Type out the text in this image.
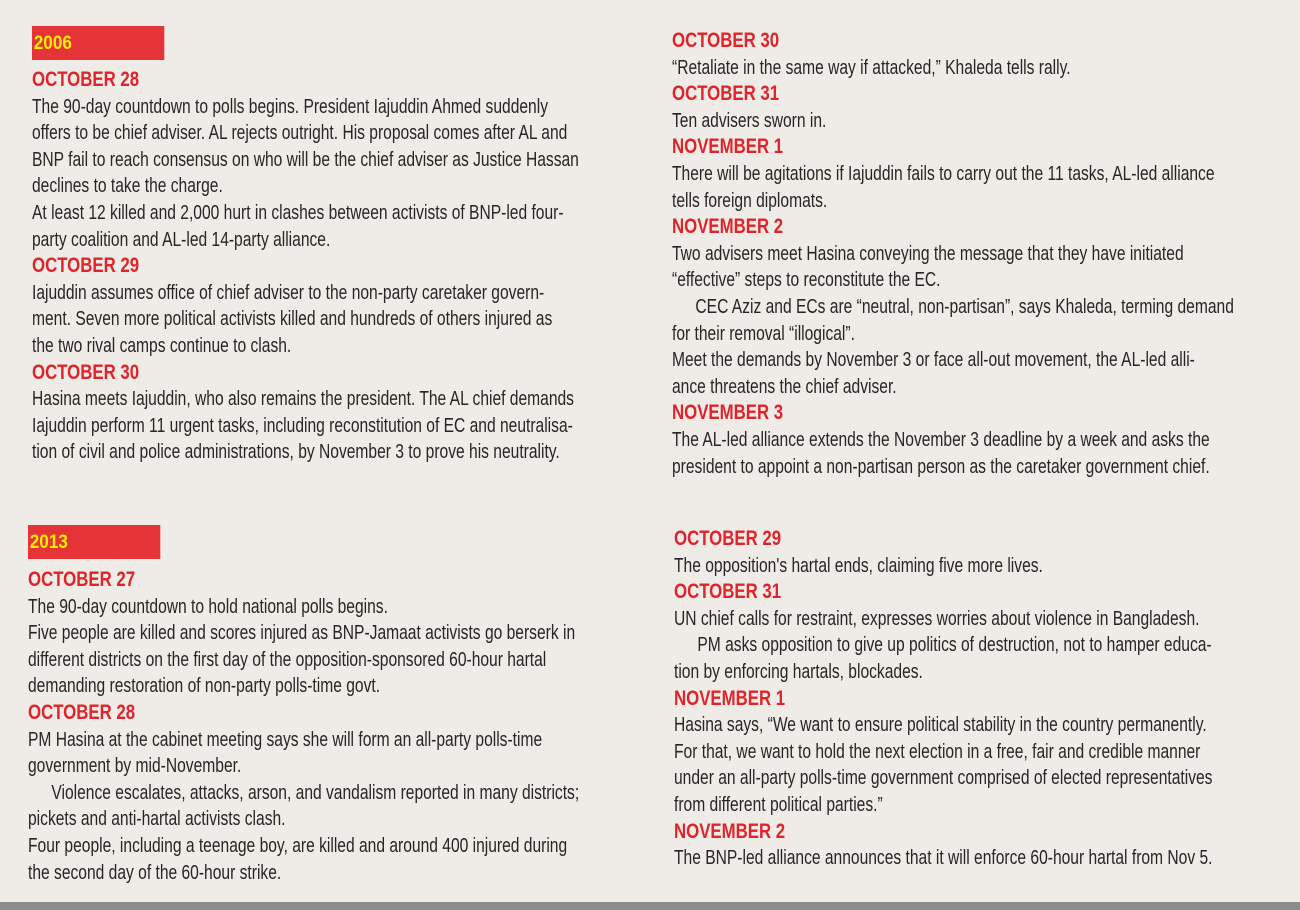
2006
OCTOBER 28
The 90-day countdown to polls begins. President Iajuddin Ahmed suddenly
offers to be chief adviser. AL rejects outright. His proposal comes after AL and
BNP fail to reach consensus on who will be the chief adviser as Justice Hassan
declines to take the charge.
At least 12 killed and 2,000 hurt in clashes between activists of BNP-led four-
party coalition and AL-led 14-party alliance.
OCTOBER 29
Iajuddin assumes office of chief adviser to the non-party caretaker govern-
ment. Seven more political activists killed and hundreds of others injured as
the two rival camps continue to clash.
OCTOBER 30
Hasina meets Iajuddin, who also remains the president. The AL chief demands
Iajuddin perform 11 urgent tasks, including reconstitution of EC and neutralisa-
tion of civil and police administrations, by November 3 to prove his neutrality.
OCTOBER 30
“Retaliate in the same way if attacked,” Khaleda tells rally.
OCTOBER 31
Ten advisers sworn in.
NOVEMBER 1
There will be agitations if Iajuddin fails to carry out the 11 tasks, AL-led alliance
tells foreign diplomats.
NOVEMBER 2
Two advisers meet Hasina conveying the message that they have initiated
“effective” steps to reconstitute the EC.
CEC Aziz and ECs are “neutral, non-partisan”, says Khaleda, terming demand
for their removal “illogical”.
Meet the demands by November 3 or face all-out movement, the AL-led alli-
ance threatens the chief adviser.
NOVEMBER 3
The AL-led alliance extends the November 3 deadline by a week and asks the
president to appoint a non-partisan person as the caretaker government chief.
2013
OCTOBER 27
The 90-day countdown to hold national polls begins.
Five people are killed and scores injured as BNP-Jamaat activists go berserk in
different districts on the first day of the opposition-sponsored 60-hour hartal
demanding restoration of non-party polls-time govt.
OCTOBER 28
PM Hasina at the cabinet meeting says she will form an all-party polls-time
government by mid-November.
Violence escalates, attacks, arson, and vandalism reported in many districts;
pickets and anti-hartal activists clash.
Four people, including a teenage boy, are killed and around 400 injured during
the second day of the 60-hour strike.
OCTOBER 29
The opposition's hartal ends, claiming five more lives.
OCTOBER 31
UN chief calls for restraint, expresses worries about violence in Bangladesh.
PM asks opposition to give up politics of destruction, not to hamper educa-
tion by enforcing hartals, blockades.
NOVEMBER 1
Hasina says, “We want to ensure political stability in the country permanently.
For that, we want to hold the next election in a free, fair and credible manner
under an all-party polls-time government comprised of elected representatives
from different political parties.”
NOVEMBER 2
The BNP-led alliance announces that it will enforce 60-hour hartal from Nov 5.
